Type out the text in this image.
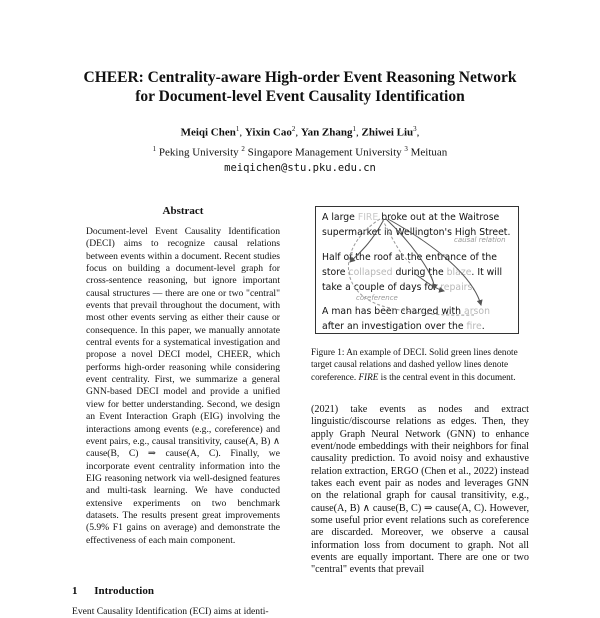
CHEER: Centrality-aware High-order Event Reasoning Network
for Document-level Event Causality Identification
Meiqi Chen$^1$, Yixin Cao$^2$, Yan Zhang$^1$, Zhiwei Liu$^3$,
$^1$ Peking University $^2$ Singapore Management University $^3$ Meituan
meiqichen@stu.pku.edu.cn
Abstract

Document-level Event Causality Identification (DECI) aims to recognize causal relations between events within a document. Recent studies focus on building a document-level graph for cross-sentence reasoning, but ignore important causal structures — there are one or two "central" events that prevail throughout the document, with most other events serving as either their cause or consequence. In this paper, we manually annotate central events for a systematical investigation and propose a novel DECI model, CHEER, which performs high-order reasoning while considering event centrality. First, we summarize a general GNN-based DECI model and provide a unified view for better understanding. Second, we design an Event Interaction Graph (EIG) involving the interactions among events (e.g., coreference) and event pairs, e.g., causal transitivity, cause(A, B) ∧ cause(B, C) ⇒ cause(A, C). Finally, we incorporate event centrality information into the EIG reasoning network via well-designed features and multi-task learning. We have conducted extensive experiments on two benchmark datasets. The results present great improvements (5.9% F1 gains on average) and demonstrate the effectiveness of each main component.

1 Introduction
Event Causality Identification (ECI) aims at identi-
A large FIRE broke out at the Waitrose
supermarket in Wellington's High Street.
causal relation
Half of the roof at the entrance of the
store collapsed during the blaze. It will
take a couple of days for repairs.
coreference
A man has been charged with arson
after an investigation over the fire.
Figure 1: An example of DECI. Solid green lines denote target causal relations and dashed yellow lines denote coreference. FIRE is the central event in this document.

(2021) take events as nodes and extract linguistic/discourse relations as edges. Then, they apply Graph Neural Network (GNN) to enhance event/node embeddings with their neighbors for final causality prediction. To avoid noisy and exhaustive relation extraction, ERGO (Chen et al., 2022) instead takes each event pair as nodes and leverages GNN on the relational graph for causal transitivity, e.g., cause(A, B) ∧ cause(B, C) ⇒ cause(A, C). However, some useful prior event relations such as coreference are discarded. Moreover, we observe a causal information loss from document to graph. Not all events are equally important. There are one or two "central" events that prevail
